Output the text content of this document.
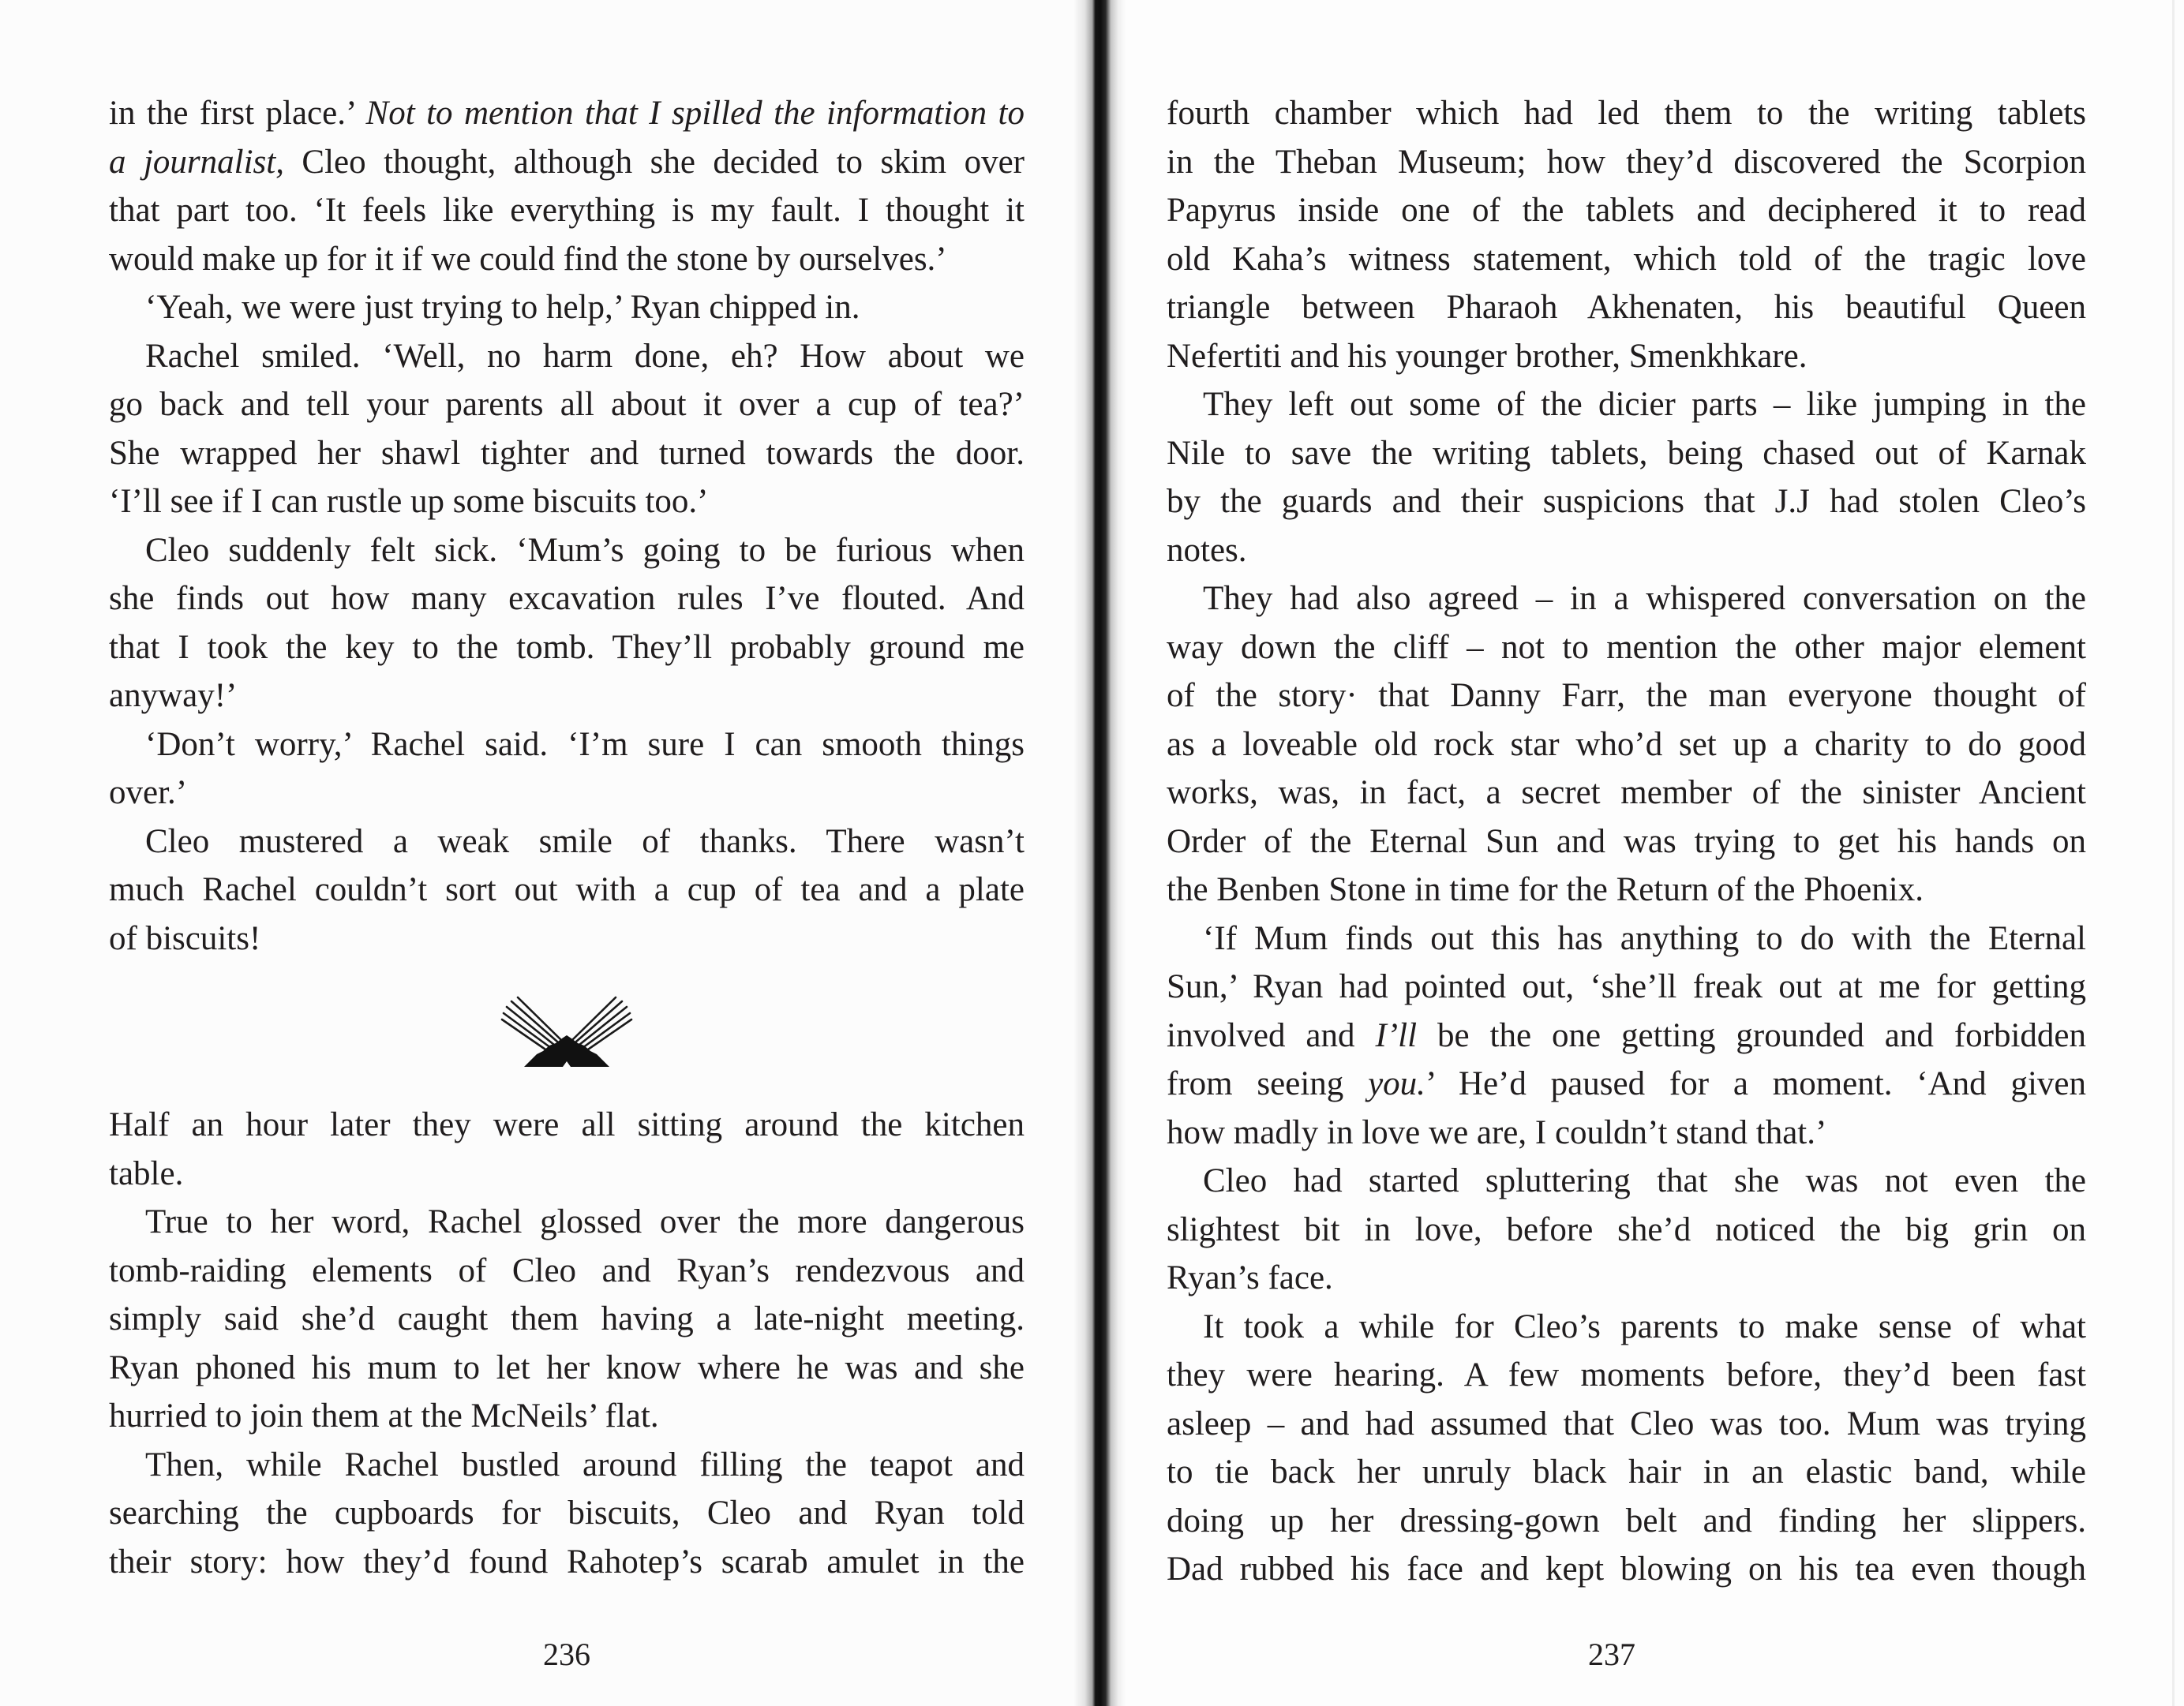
in the first place.’ Not to mention that I spilled the information to
a journalist, Cleo thought, although she decided to skim over
that part too. ‘It feels like everything is my fault. I thought it
would make up for it if we could find the stone by ourselves.’
‘Yeah, we were just trying to help,’ Ryan chipped in.
Rachel smiled. ‘Well, no harm done, eh? How about we
go back and tell your parents all about it over a cup of tea?’
She wrapped her shawl tighter and turned towards the door.
‘I’ll see if I can rustle up some biscuits too.’
Cleo suddenly felt sick. ‘Mum’s going to be furious when
she finds out how many excavation rules I’ve flouted. And
that I took the key to the tomb. They’ll probably ground me
anyway!’
‘Don’t worry,’ Rachel said. ‘I’m sure I can smooth things
over.’
Cleo mustered a weak smile of thanks. There wasn’t
much Rachel couldn’t sort out with a cup of tea and a plate
of biscuits!
Half an hour later they were all sitting around the kitchen
table.
True to her word, Rachel glossed over the more dangerous
tomb-raiding elements of Cleo and Ryan’s rendezvous and
simply said she’d caught them having a late-night meeting.
Ryan phoned his mum to let her know where he was and she
hurried to join them at the McNeils’ flat.
Then, while Rachel bustled around filling the teapot and
searching the cupboards for biscuits, Cleo and Ryan told
their story: how they’d found Rahotep’s scarab amulet in the
236
fourth chamber which had led them to the writing tablets
in the Theban Museum; how they’d discovered the Scorpion
Papyrus inside one of the tablets and deciphered it to read
old Kaha’s witness statement, which told of the tragic love
triangle between Pharaoh Akhenaten, his beautiful Queen
Nefertiti and his younger brother, Smenkhkare.
They left out some of the dicier parts – like jumping in the
Nile to save the writing tablets, being chased out of Karnak
by the guards and their suspicions that J.J had stolen Cleo’s
notes.
They had also agreed – in a whispered conversation on the
way down the cliff – not to mention the other major element
of the story· that Danny Farr, the man everyone thought of
as a loveable old rock star who’d set up a charity to do good
works, was, in fact, a secret member of the sinister Ancient
Order of the Eternal Sun and was trying to get his hands on
the Benben Stone in time for the Return of the Phoenix.
‘If Mum finds out this has anything to do with the Eternal
Sun,’ Ryan had pointed out, ‘she’ll freak out at me for getting
involved and I’ll be the one getting grounded and forbidden
from seeing you.’ He’d paused for a moment. ‘And given
how madly in love we are, I couldn’t stand that.’
Cleo had started spluttering that she was not even the
slightest bit in love, before she’d noticed the big grin on
Ryan’s face.
It took a while for Cleo’s parents to make sense of what
they were hearing. A few moments before, they’d been fast
asleep – and had assumed that Cleo was too. Mum was trying
to tie back her unruly black hair in an elastic band, while
doing up her dressing-gown belt and finding her slippers.
Dad rubbed his face and kept blowing on his tea even though
237
